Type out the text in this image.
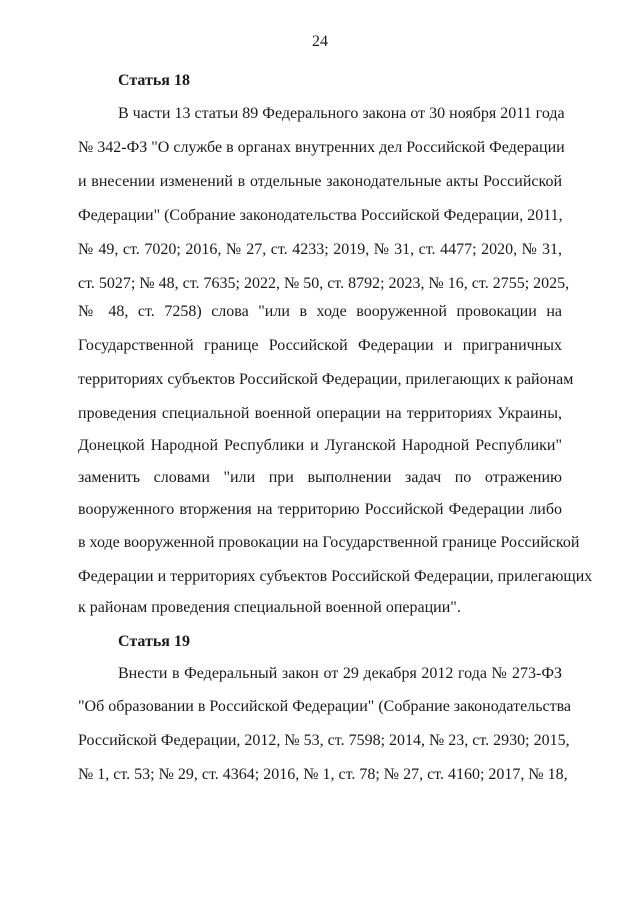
24
Статья 18
В части 13 статьи 89 Федерального закона от 30 ноября 2011 года
№ 342-ФЗ "О службе в органах внутренних дел Российской Федерации
и внесении изменений в отдельные законодательные акты Российской
Федерации" (Собрание законодательства Российской Федерации, 2011,
№ 49, ст. 7020; 2016, № 27, ст. 4233; 2019, № 31, ст. 4477; 2020, № 31,
ст. 5027; № 48, ст. 7635; 2022, № 50, ст. 8792; 2023, № 16, ст. 2755; 2025,
№ 48, ст. 7258) слова "или в ходе вооруженной провокации на
Государственной границе Российской Федерации и приграничных
территориях субъектов Российской Федерации, прилегающих к районам
проведения специальной военной операции на территориях Украины,
Донецкой Народной Республики и Луганской Народной Республики"
заменить словами "или при выполнении задач по отражению
вооруженного вторжения на территорию Российской Федерации либо
в ходе вооруженной провокации на Государственной границе Российской
Федерации и территориях субъектов Российской Федерации, прилегающих
к районам проведения специальной военной операции".
Статья 19
Внести в Федеральный закон от 29 декабря 2012 года № 273-ФЗ
"Об образовании в Российской Федерации" (Собрание законодательства
Российской Федерации, 2012, № 53, ст. 7598; 2014, № 23, ст. 2930; 2015,
№ 1, ст. 53; № 29, ст. 4364; 2016, № 1, ст. 78; № 27, ст. 4160; 2017, № 18,
